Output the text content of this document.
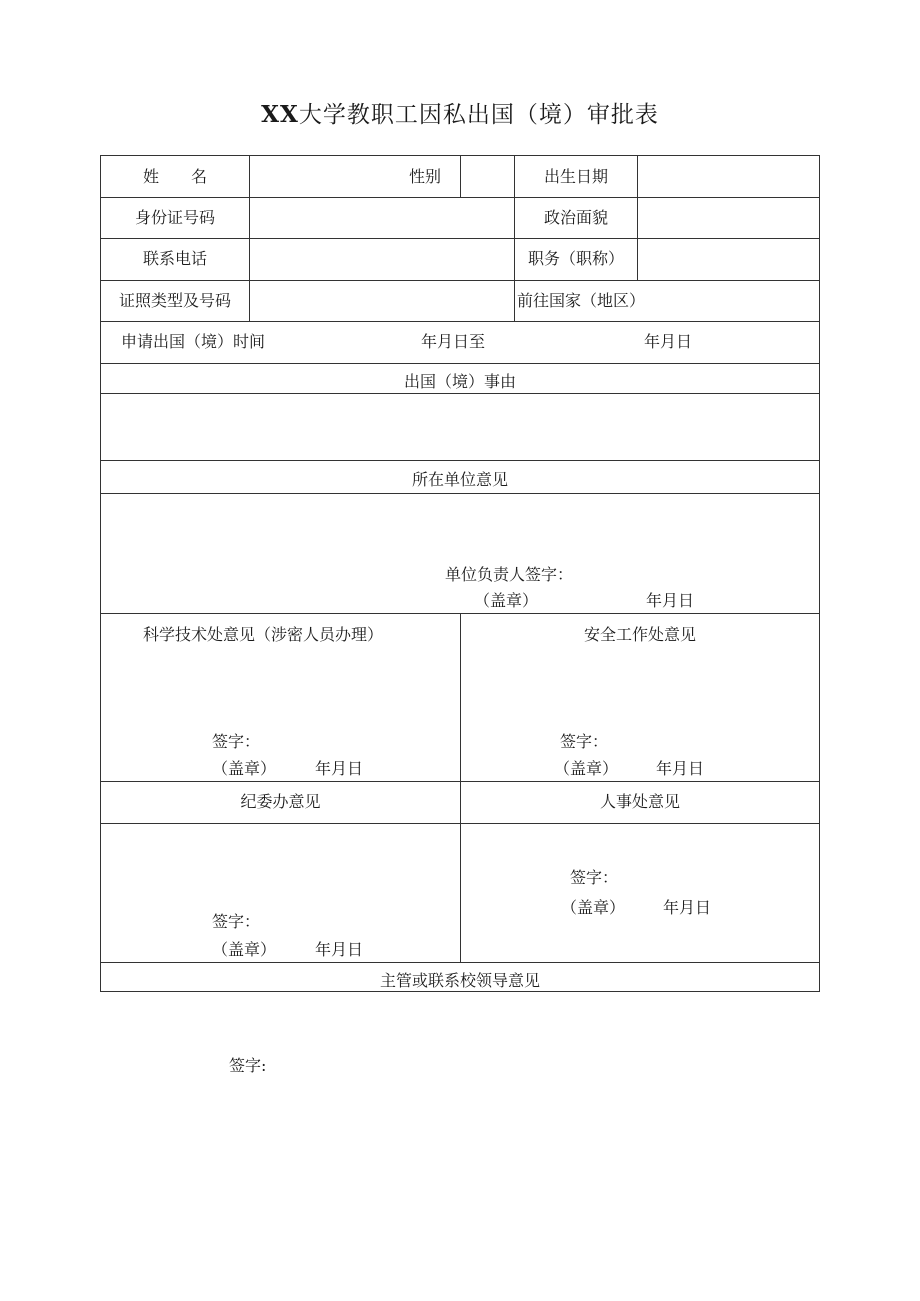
XX大学教职工因私出国（境）审批表
姓　　名	性别	出生日期
身份证号码	政治面貌
联系电话	职务（职称）
证照类型及号码	前往国家（地区）
申请出国（境）时间	年月日至	年月日
出国（境）事由
所在单位意见
单位负责人签字：
（盖章）	年月日
科学技术处意见（涉密人员办理）
签字：
（盖章） 年月日
安全工作处意见
签字：
（盖章） 年月日
纪委办意见	人事处意见
签字：
（盖章） 年月日
签字：
（盖章） 年月日
主管或联系校领导意见
签字:
